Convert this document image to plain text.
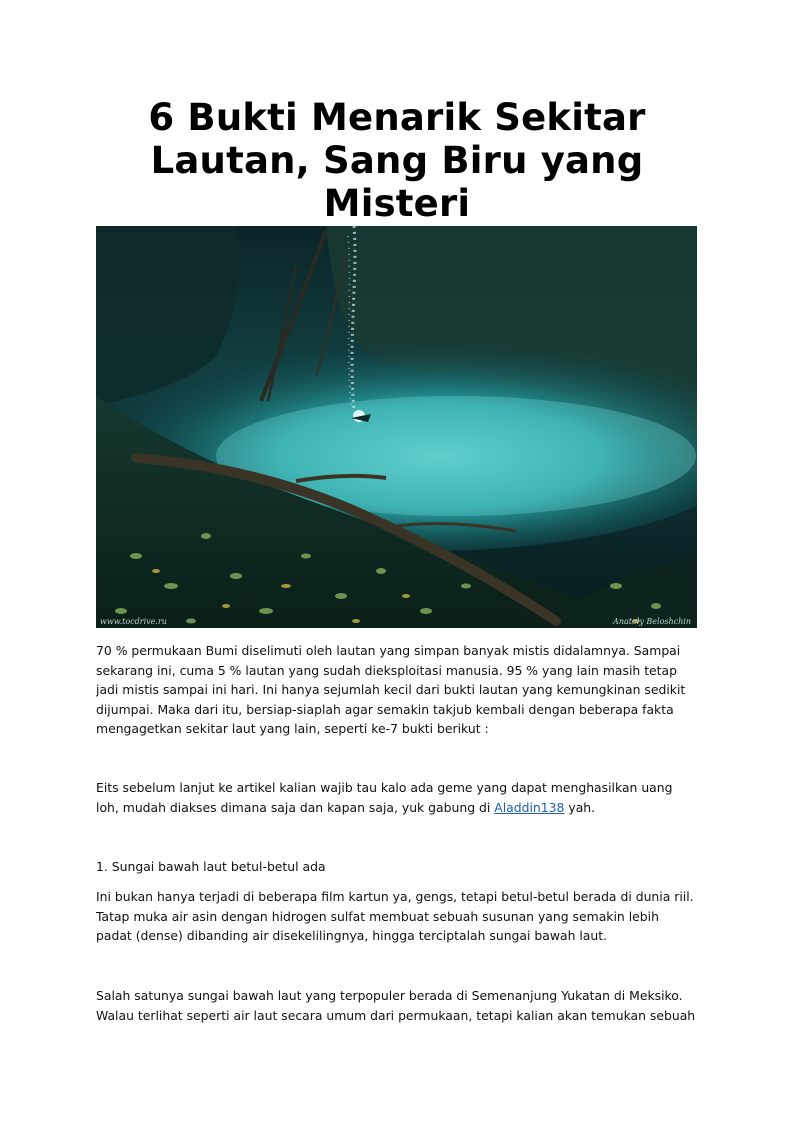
6 Bukti Menarik Sekitar Lautan, Sang Biru yang Misteri
www.tocdrive.ru	Anatoly Beloshchin

70 % permukaan Bumi diselimuti oleh lautan yang simpan banyak mistis didalamnya. Sampai sekarang ini, cuma 5 % lautan yang sudah dieksploitasi manusia. 95 % yang lain masih tetap jadi mistis sampai ini hari. Ini hanya sejumlah kecil dari bukti lautan yang kemungkinan sedikit dijumpai. Maka dari itu, bersiap-siaplah agar semakin takjub kembali dengan beberapa fakta mengagetkan sekitar laut yang lain, seperti ke-7 bukti berikut :

Eits sebelum lanjut ke artikel kalian wajib tau kalo ada geme yang dapat menghasilkan uang loh, mudah diakses dimana saja dan kapan saja, yuk gabung di Aladdin138 yah.

1. Sungai bawah laut betul-betul ada

Ini bukan hanya terjadi di beberapa film kartun ya, gengs, tetapi betul-betul berada di dunia riil. Tatap muka air asin dengan hidrogen sulfat membuat sebuah susunan yang semakin lebih padat (dense) dibanding air disekelilingnya, hingga terciptalah sungai bawah laut.

Salah satunya sungai bawah laut yang terpopuler berada di Semenanjung Yukatan di Meksiko. Walau terlihat seperti air laut secara umum dari permukaan, tetapi kalian akan temukan sebuah
